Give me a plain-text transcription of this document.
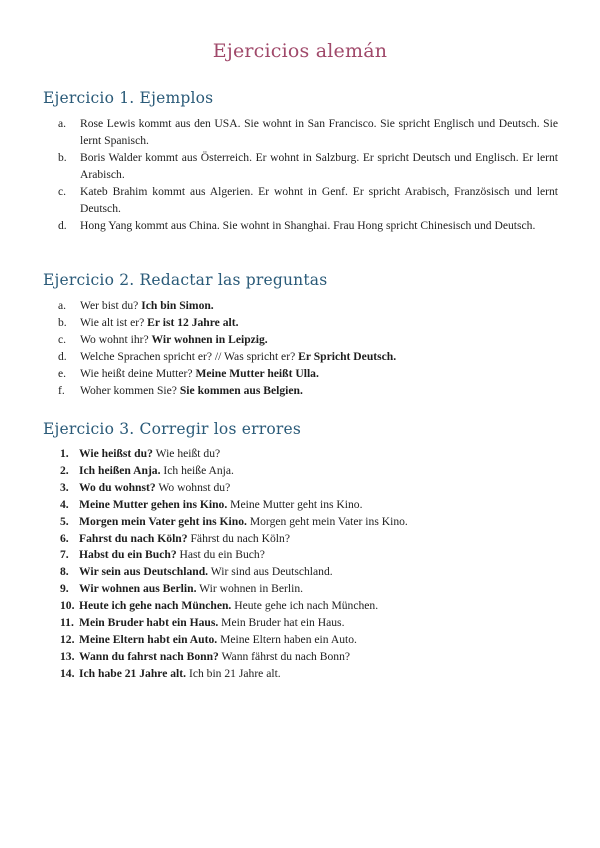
Ejercicios alemán
Ejercicio 1. Ejemplos
a. Rose Lewis kommt aus den USA. Sie wohnt in San Francisco. Sie spricht Englisch und Deutsch. Sie lernt Spanisch.
b. Boris Walder kommt aus Österreich. Er wohnt in Salzburg. Er spricht Deutsch und Englisch. Er lernt Arabisch.
c. Kateb Brahim kommt aus Algerien. Er wohnt in Genf. Er spricht Arabisch, Französisch und lernt Deutsch.
d. Hong Yang kommt aus China. Sie wohnt in Shanghai. Frau Hong spricht Chinesisch und Deutsch.
Ejercicio 2. Redactar las preguntas
a. Wer bist du? Ich bin Simon.
b. Wie alt ist er? Er ist 12 Jahre alt.
c. Wo wohnt ihr? Wir wohnen in Leipzig.
d. Welche Sprachen spricht er? // Was spricht er? Er Spricht Deutsch.
e. Wie heißt deine Mutter? Meine Mutter heißt Ulla.
f. Woher kommen Sie? Sie kommen aus Belgien.
Ejercicio 3. Corregir los errores
1. Wie heißst du? Wie heißt du?
2. Ich heißen Anja. Ich heiße Anja.
3. Wo du wohnst? Wo wohnst du?
4. Meine Mutter gehen ins Kino. Meine Mutter geht ins Kino.
5. Morgen mein Vater geht ins Kino. Morgen geht mein Vater ins Kino.
6. Fahrst du nach Köln? Fährst du nach Köln?
7. Habst du ein Buch? Hast du ein Buch?
8. Wir sein aus Deutschland. Wir sind aus Deutschland.
9. Wir wohnen aus Berlin. Wir wohnen in Berlin.
10. Heute ich gehe nach München. Heute gehe ich nach München.
11. Mein Bruder habt ein Haus. Mein Bruder hat ein Haus.
12. Meine Eltern habt ein Auto. Meine Eltern haben ein Auto.
13. Wann du fahrst nach Bonn? Wann fährst du nach Bonn?
14. Ich habe 21 Jahre alt. Ich bin 21 Jahre alt.
